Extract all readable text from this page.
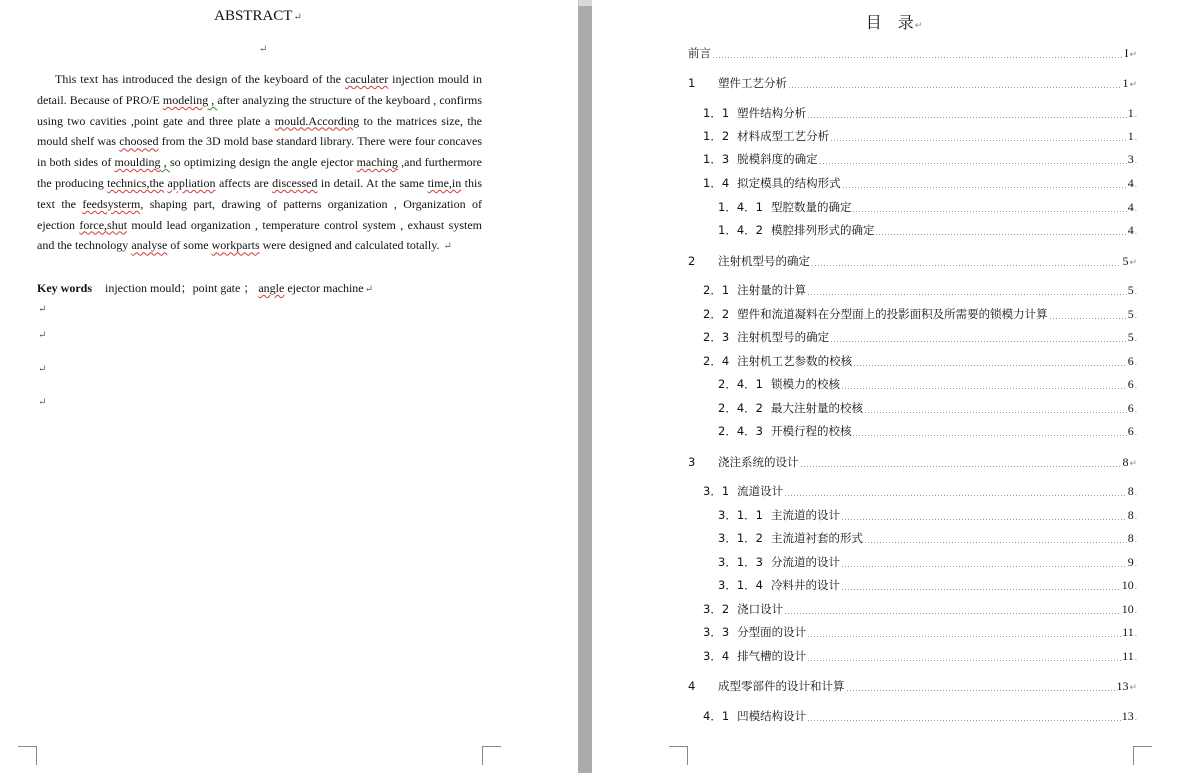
ABSTRACT↵
↵
This text has introduced the design of the keyboard of the caculater injection mould in detail. Because of PRO/E modeling , after analyzing the structure of the keyboard , confirms using two cavities ,point gate and three plate a mould.According to the matrices size, the mould shelf was choosed from the 3D mold base standard library. There were four concaves in both sides of moulding , so optimizing design the angle ejector maching ,and furthermore the producing technics,the appliation affects are discessed in detail. At the same time,in this text the feedsysterm, shaping part, drawing of patterns organization , Organization of ejection force,shut mould lead organization , temperature control system , exhaust system and the technology analyse of some workparts were designed and calculated totally. ↵
Key words injection mould；point gate ； angle ejector machine↵
↵
↵
↵
↵
目　录↵
前言	I↵
1 塑件工艺分析	1↵
1．1 塑件结构分析	1.
1．2 材料成型工艺分析	1.
1．3 脱模斜度的确定	3.
1．4 拟定模具的结构形式	4.
1．4．1 型腔数量的确定	4.
1．4．2 模腔排列形式的确定	4.
2 注射机型号的确定	5↵
2．1 注射量的计算	5.
2．2 塑件和流道凝料在分型面上的投影面积及所需要的锁模力计算	5.
2．3 注射机型号的确定	5.
2．4 注射机工艺参数的校核	6.
2．4．1 锁模力的校核	6.
2．4．2 最大注射量的校核	6.
2．4．3 开模行程的校核	6.
3 浇注系统的设计	8↵
3．1 流道设计	8.
3．1．1 主流道的设计	8.
3．1．2 主流道衬套的形式	8.
3．1．3 分流道的设计	9.
3．1．4 冷料井的设计	10.
3．2 浇口设计	10.
3．3 分型面的设计	11.
3．4 排气槽的设计	11.
4 成型零部件的设计和计算	13↵
4．1 凹模结构设计	13.
